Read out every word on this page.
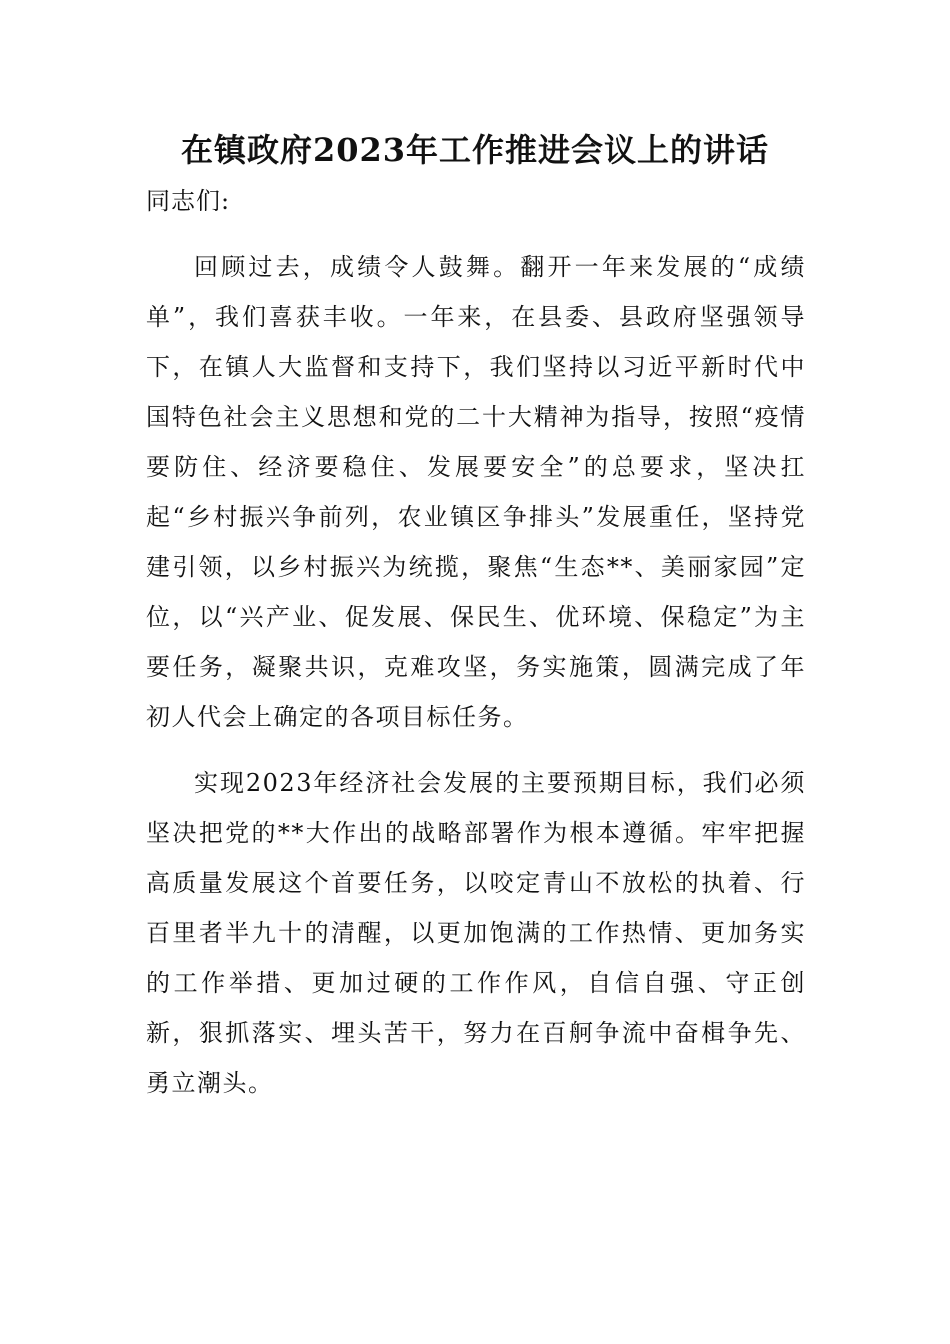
在镇政府2023年工作推进会议上的讲话

同志们:

回顾过去，成绩令人鼓舞。翻开一年来发展的“成绩单”，我们喜获丰收。一年来，在县委、县政府坚强领导下，在镇人大监督和支持下，我们坚持以习近平新时代中国特色社会主义思想和党的二十大精神为指导，按照“疫情要防住、经济要稳住、发展要安全”的总要求，坚决扛起“乡村振兴争前列，农业镇区争排头”发展重任，坚持党建引领，以乡村振兴为统揽，聚焦“生态**、美丽家园”定位，以“兴产业、促发展、保民生、优环境、保稳定”为主要任务，凝聚共识，克难攻坚，务实施策，圆满完成了年初人代会上确定的各项目标任务。

实现2023年经济社会发展的主要预期目标，我们必须坚决把党的**大作出的战略部署作为根本遵循。牢牢把握高质量发展这个首要任务，以咬定青山不放松的执着、行百里者半九十的清醒，以更加饱满的工作热情、更加务实的工作举措、更加过硬的工作作风，自信自强、守正创新，狠抓落实、埋头苦干，努力在百舸争流中奋楫争先、勇立潮头。
